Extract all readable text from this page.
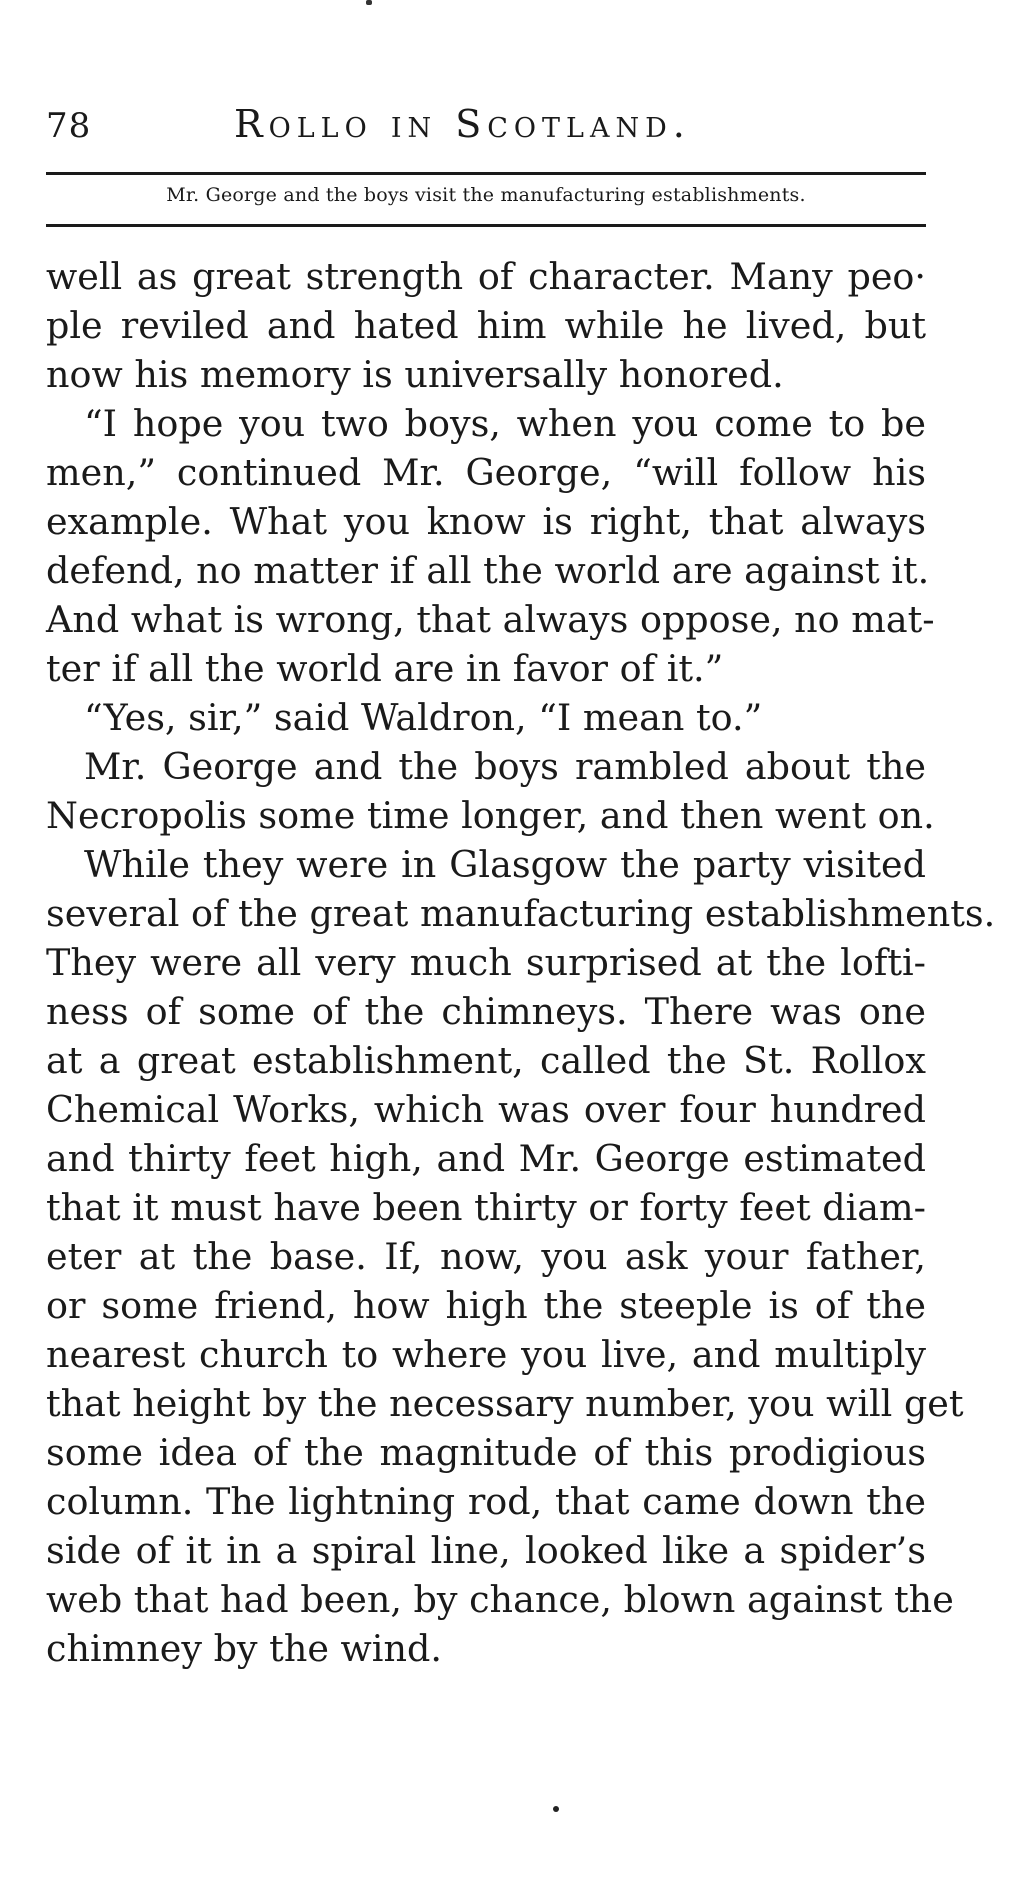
78	Rollo in Scotland.
Mr. George and the boys visit the manufacturing establishments.
well as great strength of character. Many peo·
ple reviled and hated him while he lived, but
now his memory is universally honored.
“I hope you two boys, when you come to be
men,” continued Mr. George, “will follow his
example. What you know is right, that always
defend, no matter if all the world are against it.
And what is wrong, that always oppose, no mat-
ter if all the world are in favor of it.”
“Yes, sir,” said Waldron, “I mean to.”
Mr. George and the boys rambled about the
Necropolis some time longer, and then went on.
While they were in Glasgow the party visited
several of the great manufacturing establishments.
They were all very much surprised at the lofti-
ness of some of the chimneys. There was one
at a great establishment, called the St. Rollox
Chemical Works, which was over four hundred
and thirty feet high, and Mr. George estimated
that it must have been thirty or forty feet diam-
eter at the base. If, now, you ask your father,
or some friend, how high the steeple is of the
nearest church to where you live, and multiply
that height by the necessary number, you will get
some idea of the magnitude of this prodigious
column. The lightning rod, that came down the
side of it in a spiral line, looked like a spider’s
web that had been, by chance, blown against the
chimney by the wind.
